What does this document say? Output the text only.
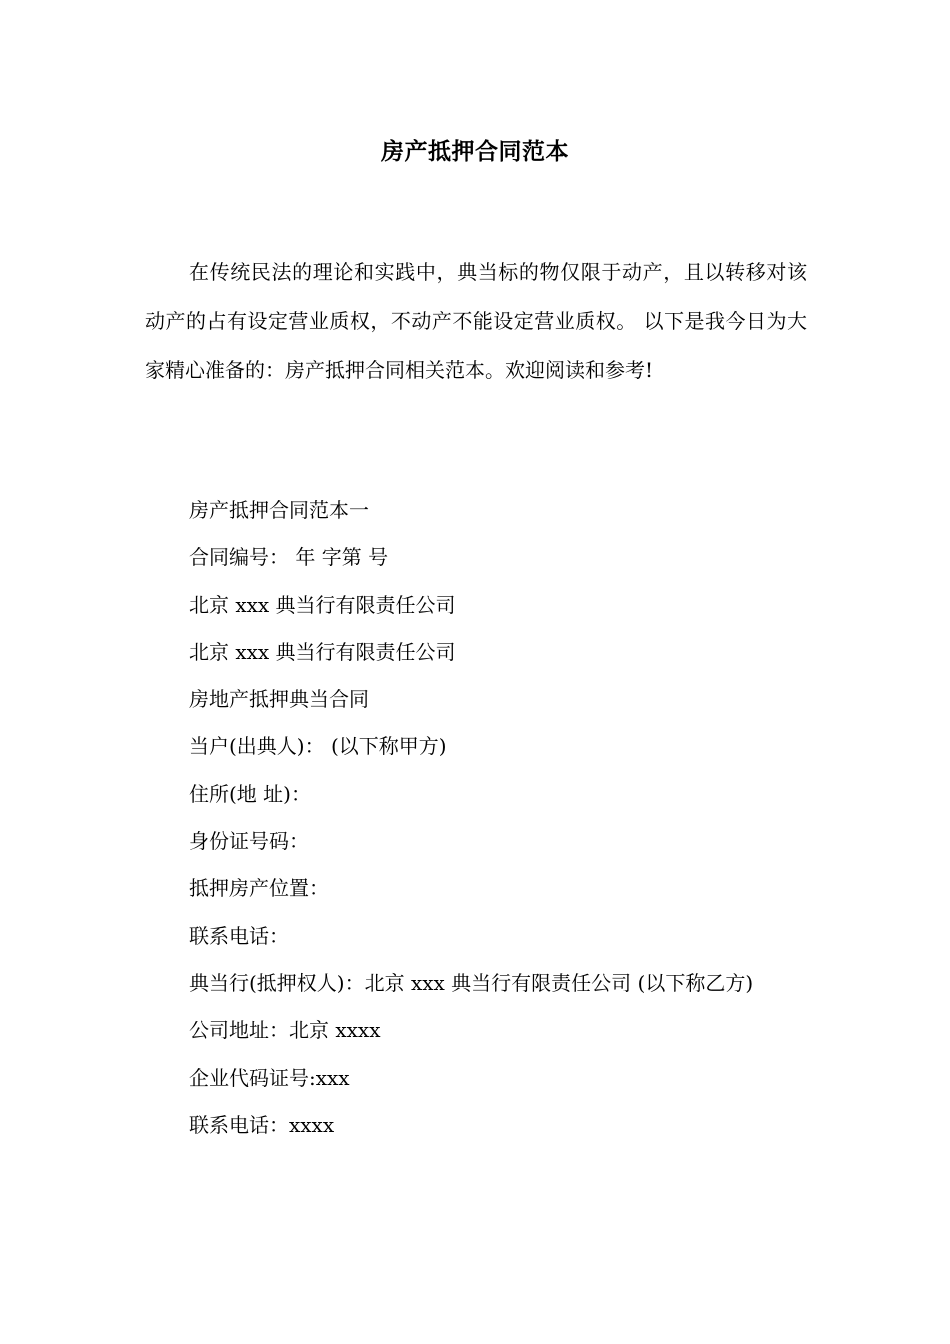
房产抵押合同范本

在传统民法的理论和实践中，典当标的物仅限于动产，且以转移对该动产的占有设定营业质权，不动产不能设定营业质权。 以下是我今日为大家精心准备的：房产抵押合同相关范本。欢迎阅读和参考!

房产抵押合同范本一

合同编号： 年 字第 号

北京 xxx 典当行有限责任公司

北京 xxx 典当行有限责任公司

房地产抵押典当合同

当户(出典人)： (以下称甲方)

住所(地 址)：

身份证号码：

抵押房产位置：

联系电话：

典当行(抵押权人)：北京 xxx 典当行有限责任公司 (以下称乙方)

公司地址：北京 xxxx

企业代码证号:xxx

联系电话：xxxx
